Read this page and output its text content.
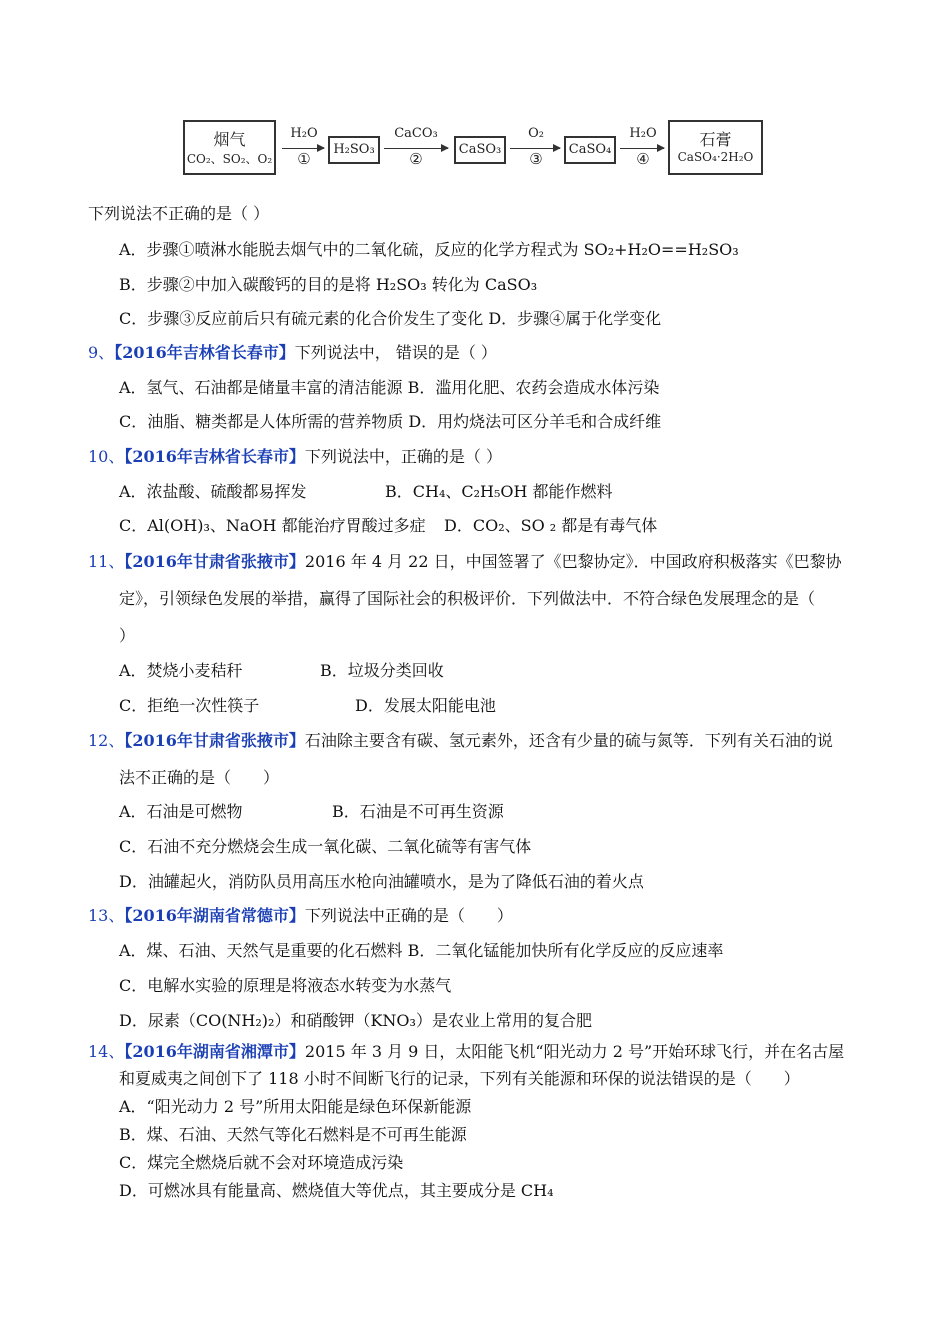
烟气
CO₂、SO₂、O₂
H₂O
①
H₂SO₃
CaCO₃
②
CaSO₃
O₂
③
CaSO₄
H₂O
④
石膏
CaSO₄·2H₂O
下列说法不正确的是（ ）
A．步骤①喷淋水能脱去烟气中的二氧化硫，反应的化学方程式为 SO₂+H₂O==H₂SO₃
B．步骤②中加入碳酸钙的目的是将 H₂SO₃ 转化为 CaSO₃
C．步骤③反应前后只有硫元素的化合价发生了变化 D．步骤④属于化学变化
9、【2016年吉林省长春市】下列说法中， 错误的是（ ）
A．氢气、石油都是储量丰富的清洁能源 B．滥用化肥、农药会造成水体污染
C．油脂、糖类都是人体所需的营养物质 D．用灼烧法可区分羊毛和合成纤维
10、【2016年吉林省长春市】下列说法中，正确的是（ ）
A．浓盐酸、硫酸都易挥发	B．CH₄、C₂H₅OH 都能作燃料
C．Al(OH)₃、NaOH 都能治疗胃酸过多症 D．CO₂、SO ₂ 都是有毒气体
11、【2016年甘肃省张掖市】2016 年 4 月 22 日，中国签署了《巴黎协定》．中国政府积极落实《巴黎协
定》，引领绿色发展的举措，赢得了国际社会的积极评价．下列做法中．不符合绿色发展理念的是（
）
A．焚烧小麦秸秆	B．垃圾分类回收
C．拒绝一次性筷子	D．发展太阳能电池
12、【2016年甘肃省张掖市】石油除主要含有碳、氢元素外，还含有少量的硫与氮等．下列有关石油的说
法不正确的是（　　）
A．石油是可燃物	B．石油是不可再生资源
C．石油不充分燃烧会生成一氧化碳、二氧化硫等有害气体
D．油罐起火，消防队员用高压水枪向油罐喷水，是为了降低石油的着火点
13、【2016年湖南省常德市】下列说法中正确的是（　　）
A．煤、石油、天然气是重要的化石燃料 B．二氧化锰能加快所有化学反应的反应速率
C．电解水实验的原理是将液态水转变为水蒸气
D．尿素（CO(NH₂)₂）和硝酸钾（KNO₃）是农业上常用的复合肥
14、【2016年湖南省湘潭市】2015 年 3 月 9 日，太阳能飞机“阳光动力 2 号”开始环球飞行，并在名古屋
和夏威夷之间创下了 118 小时不间断飞行的记录，下列有关能源和环保的说法错误的是（　　）
A．“阳光动力 2 号”所用太阳能是绿色环保新能源
B．煤、石油、天然气等化石燃料是不可再生能源
C．煤完全燃烧后就不会对环境造成污染
D．可燃冰具有能量高、燃烧值大等优点，其主要成分是 CH₄
